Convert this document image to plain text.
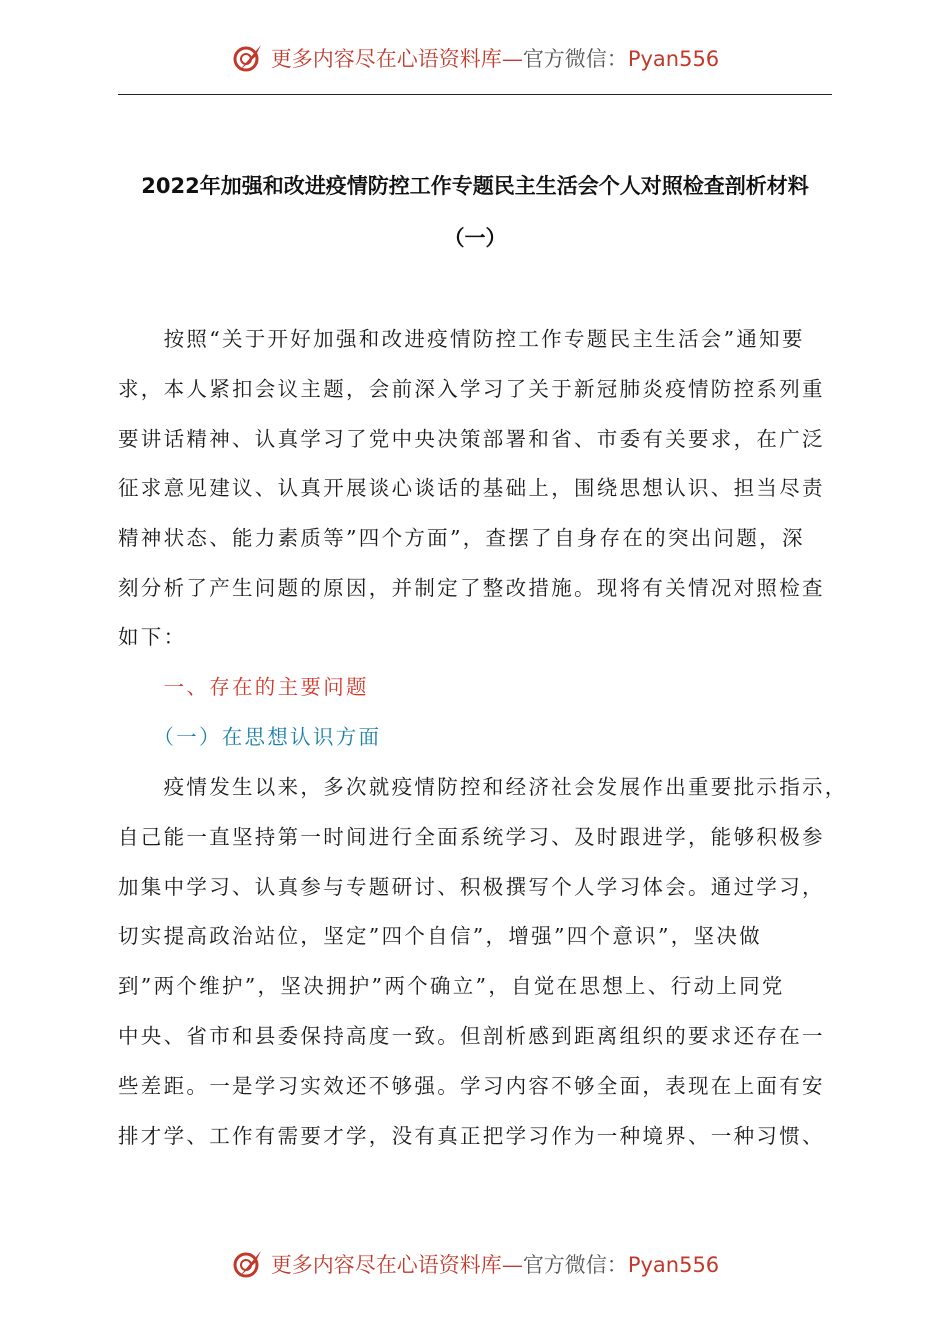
更多内容尽在心语资料库—官方微信：Pyan556
2022年加强和改进疫情防控工作专题民主生活会个人对照检查剖析材料
（一）
　　按照“关于开好加强和改进疫情防控工作专题民主生活会”通知要
求，本人紧扣会议主题，会前深入学习了关于新冠肺炎疫情防控系列重
要讲话精神、认真学习了党中央决策部署和省、市委有关要求，在广泛
征求意见建议、认真开展谈心谈话的基础上，围绕思想认识、担当尽责
精神状态、能力素质等”四个方面”，查摆了自身存在的突出问题，深
刻分析了产生问题的原因，并制定了整改措施。现将有关情况对照检查
如下：
　　一、存在的主要问题
　　（一）在思想认识方面
　　疫情发生以来，多次就疫情防控和经济社会发展作出重要批示指示，
自己能一直坚持第一时间进行全面系统学习、及时跟进学，能够积极参
加集中学习、认真参与专题研讨、积极撰写个人学习体会。通过学习，
切实提高政治站位，坚定”四个自信”，增强”四个意识”，坚决做
到”两个维护”，坚决拥护”两个确立”，自觉在思想上、行动上同党
中央、省市和县委保持高度一致。但剖析感到距离组织的要求还存在一
些差距。一是学习实效还不够强。学习内容不够全面，表现在上面有安
排才学、工作有需要才学，没有真正把学习作为一种境界、一种习惯、
更多内容尽在心语资料库—官方微信：Pyan556
